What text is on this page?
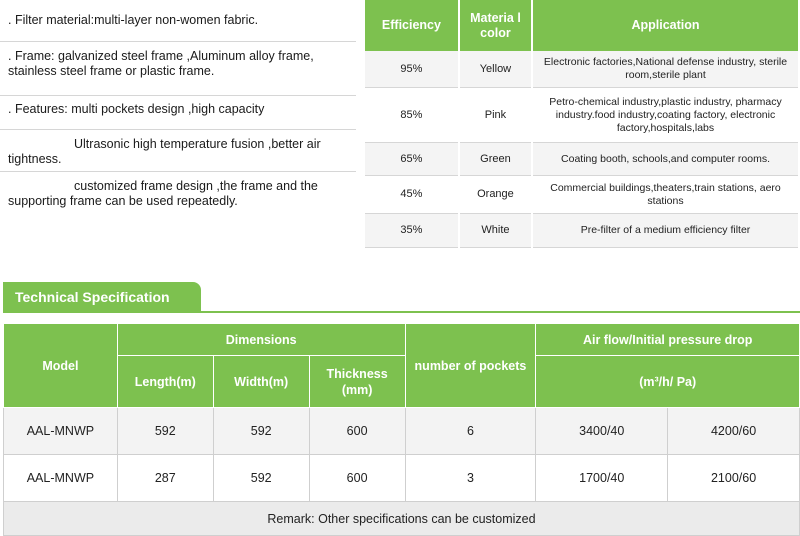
. Filter material:multi-layer non-women fabric.
. Frame: galvanized steel frame ,Aluminum alloy frame, stainless steel frame or plastic frame.
. Features: multi pockets design ,high capacity
Ultrasonic high temperature fusion ,better air tightness.
customized frame design ,the frame and the supporting frame can be used repeatedly.
Efficiency	Materia l color	Application
95%	Yellow	Electronic factories,National defense industry, sterile room,sterile plant
85%	Pink	Petro-chemical industry,plastic industry, pharmacy industry.food industry,coating factory, electronic factory,hospitals,labs
65%	Green	Coating booth, schools,and computer rooms.
45%	Orange	Commercial buildings,theaters,train stations, aero stations
35%	White	Pre-filter of a medium efficiency filter
Technical Specification
Model	Dimensions			number of pockets	Air flow/Initial pressure drop	
	Length(m)	Width(m)	Thickness (mm)		(m³/h/ Pa)	
AAL-MNWP	592	592	600	6	3400/40	4200/60
AAL-MNWP	287	592	600	3	1700/40	2100/60
Remark: Other specifications can be customized						
